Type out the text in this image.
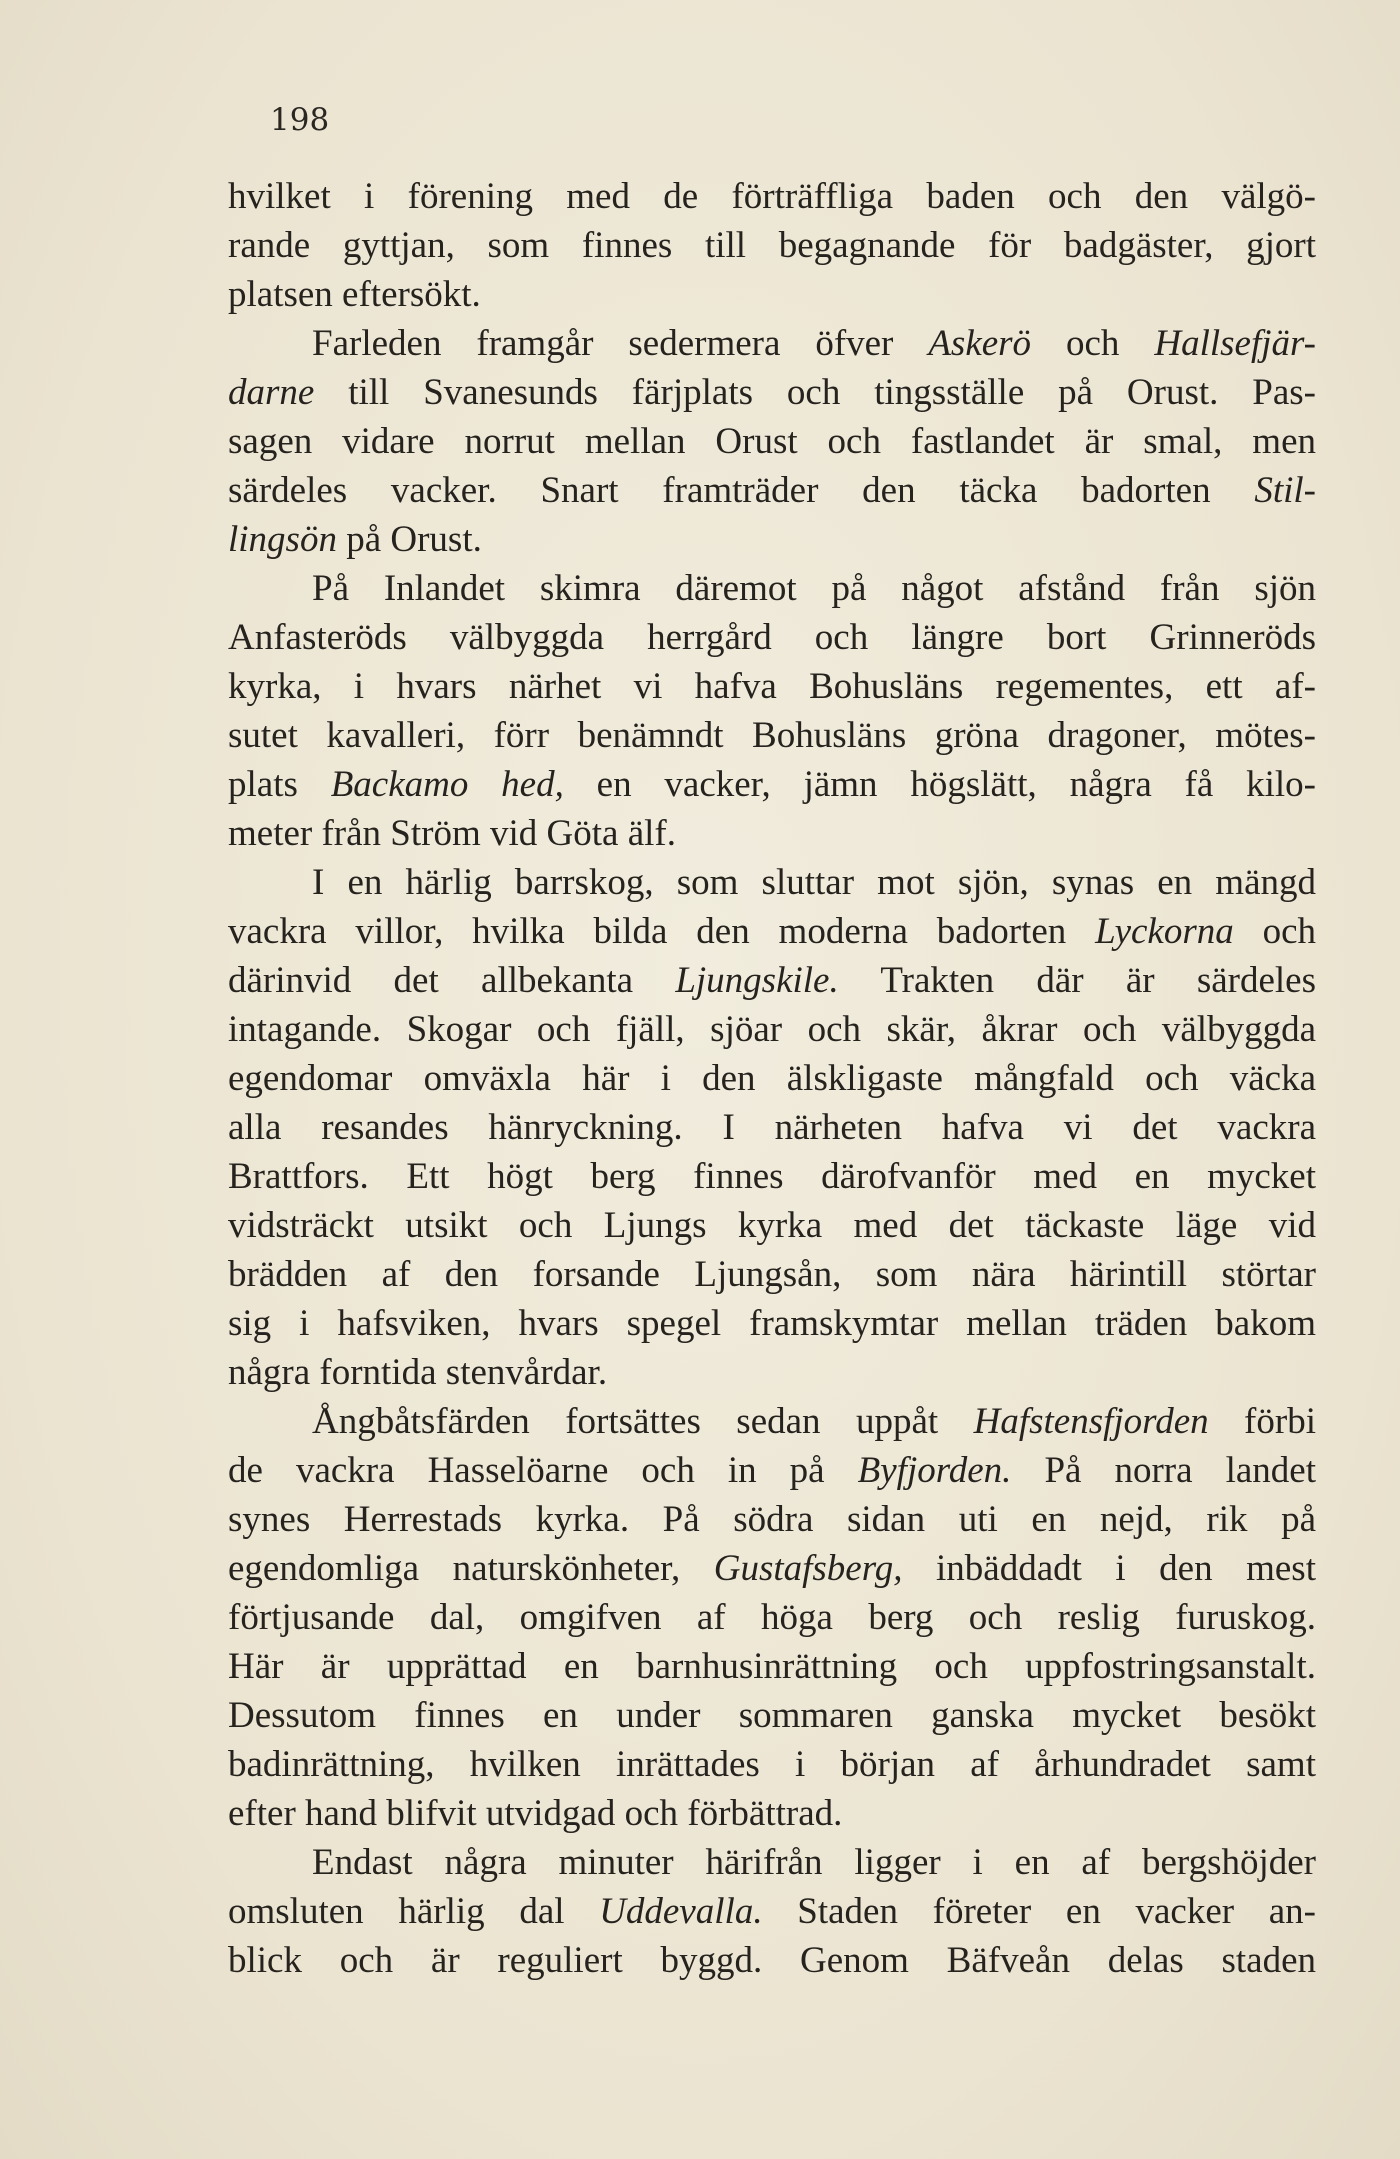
198

hvilket i förening med de förträffliga baden och den välgö-
rande gyttjan, som finnes till begagnande för badgäster, gjort
platsen eftersökt.
Farleden framgår sedermera öfver Askerö och Hallsefjär-
darne till Svanesunds färjplats och tingsställe på Orust. Pas-
sagen vidare norrut mellan Orust och fastlandet är smal, men
särdeles vacker. Snart framträder den täcka badorten Stil-
lingsön på Orust.
På Inlandet skimra däremot på något afstånd från sjön
Anfasteröds välbyggda herrgård och längre bort Grinneröds
kyrka, i hvars närhet vi hafva Bohusläns regementes, ett af-
sutet kavalleri, förr benämndt Bohusläns gröna dragoner, mötes-
plats Backamo hed, en vacker, jämn högslätt, några få kilo-
meter från Ström vid Göta älf.
I en härlig barrskog, som sluttar mot sjön, synas en mängd
vackra villor, hvilka bilda den moderna badorten Lyckorna och
därinvid det allbekanta Ljungskile. Trakten där är särdeles
intagande. Skogar och fjäll, sjöar och skär, åkrar och välbyggda
egendomar omväxla här i den älskligaste mångfald och väcka
alla resandes hänryckning. I närheten hafva vi det vackra
Brattfors. Ett högt berg finnes därofvanför med en mycket
vidsträckt utsikt och Ljungs kyrka med det täckaste läge vid
brädden af den forsande Ljungsån, som nära härintill störtar
sig i hafsviken, hvars spegel framskymtar mellan träden bakom
några forntida stenvårdar.
Ångbåtsfärden fortsättes sedan uppåt Hafstensfjorden förbi
de vackra Hasselöarne och in på Byfjorden. På norra landet
synes Herrestads kyrka. På södra sidan uti en nejd, rik på
egendomliga naturskönheter, Gustafsberg, inbäddadt i den mest
förtjusande dal, omgifven af höga berg och reslig furuskog.
Här är upprättad en barnhusinrättning och uppfostringsanstalt.
Dessutom finnes en under sommaren ganska mycket besökt
badinrättning, hvilken inrättades i början af århundradet samt
efter hand blifvit utvidgad och förbättrad.
Endast några minuter härifrån ligger i en af bergshöjder
omsluten härlig dal Uddevalla. Staden företer en vacker an-
blick och är reguliert byggd. Genom Bäfveån delas staden
